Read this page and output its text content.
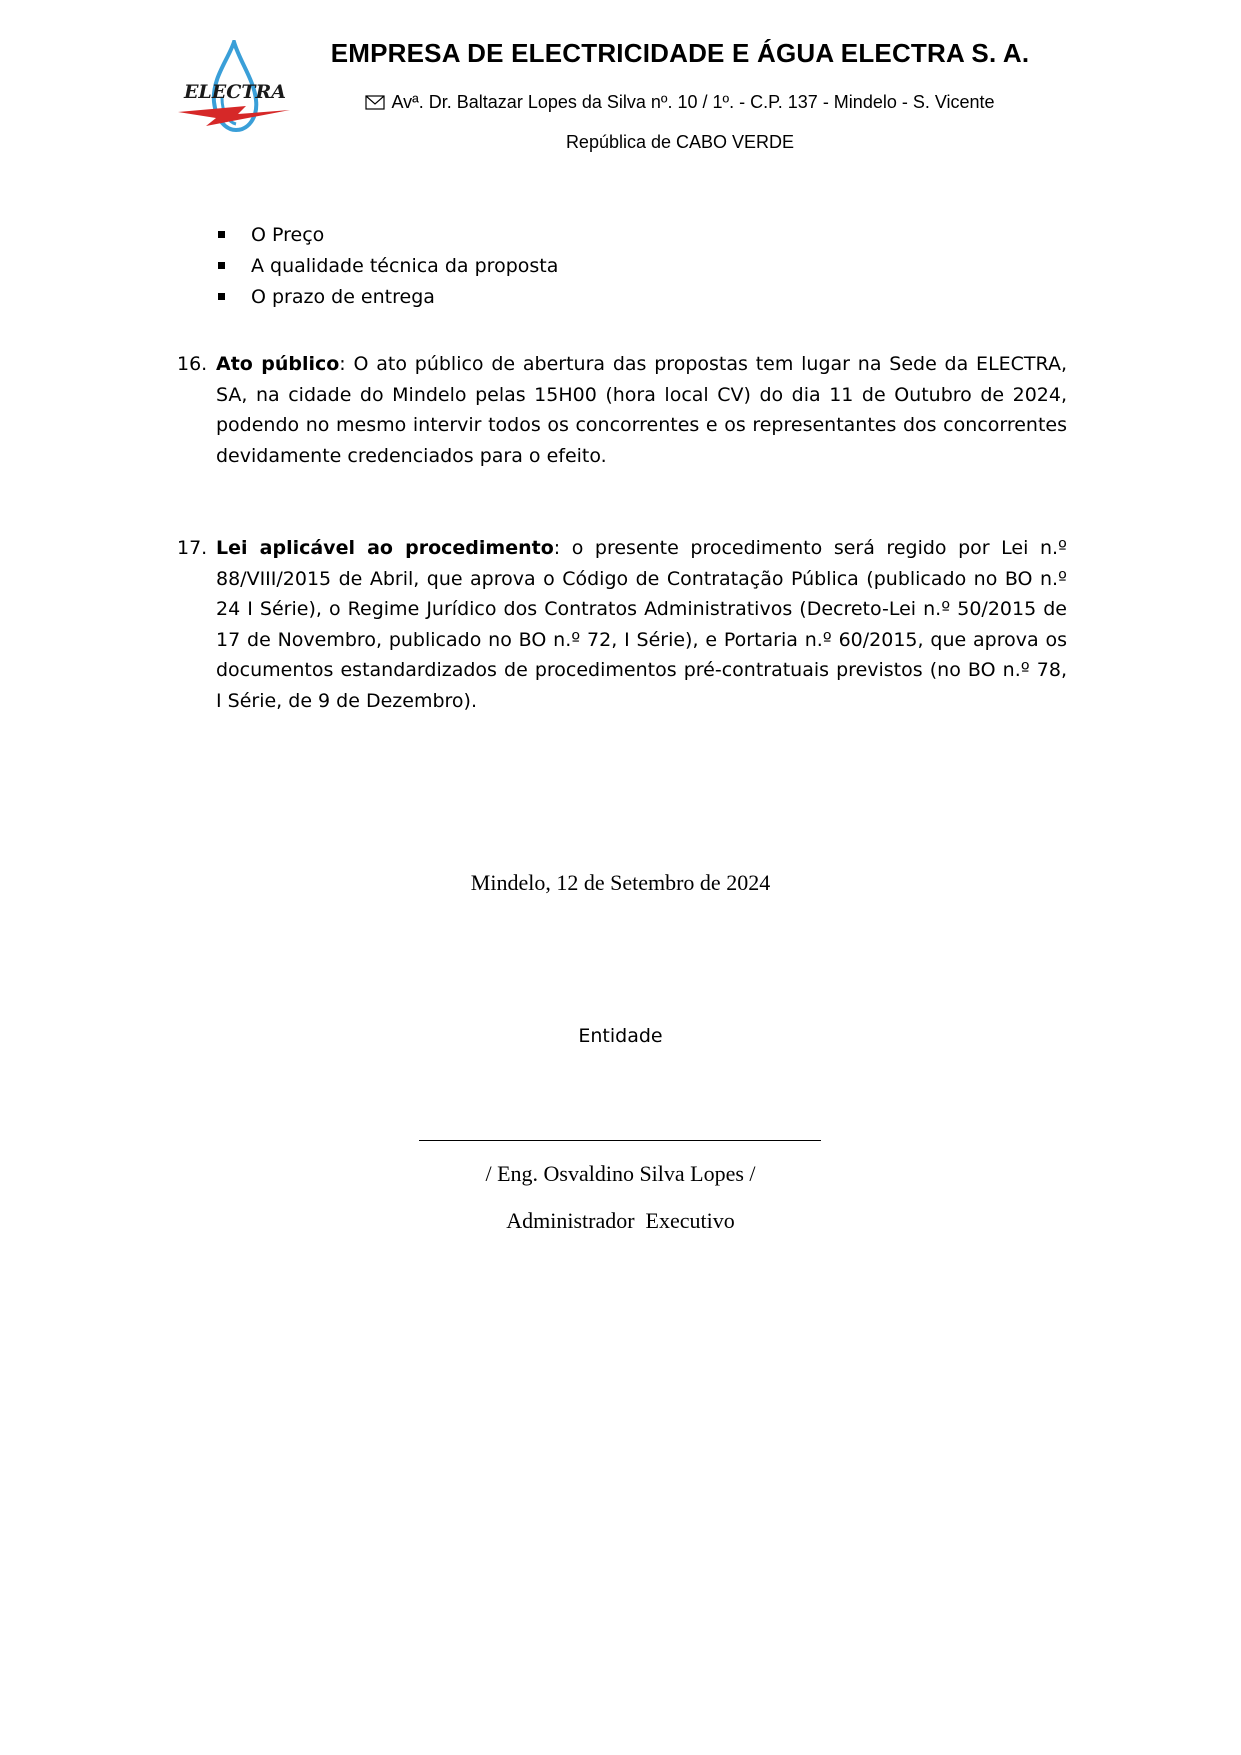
ELECTRA
EMPRESA DE ELECTRICIDADE E ÁGUA ELECTRA S. A.
Avª. Dr. Baltazar Lopes da Silva nº. 10 / 1º. - C.P. 137 - Mindelo - S. Vicente
República de CABO VERDE
O Preço
A qualidade técnica da proposta
O prazo de entrega
16. Ato público: O ato público de abertura das propostas tem lugar na Sede da ELECTRA, SA, na cidade do Mindelo pelas 15H00 (hora local CV) do dia 11 de Outubro de 2024, podendo no mesmo intervir todos os concorrentes e os representantes dos concorrentes devidamente credenciados para o efeito.
17. Lei aplicável ao procedimento: o presente procedimento será regido por Lei n.º 88/VIII/2015 de Abril, que aprova o Código de Contratação Pública (publicado no BO n.º 24 I Série), o Regime Jurídico dos Contratos Administrativos (Decreto-Lei n.º 50/2015 de 17 de Novembro, publicado no BO n.º 72, I Série), e Portaria n.º 60/2015, que aprova os documentos estandardizados de procedimentos pré-contratuais previstos (no BO n.º 78, I Série, de 9 de Dezembro).
Mindelo, 12 de Setembro de 2024
Entidade
/ Eng. Osvaldino Silva Lopes /
Administrador  Executivo
